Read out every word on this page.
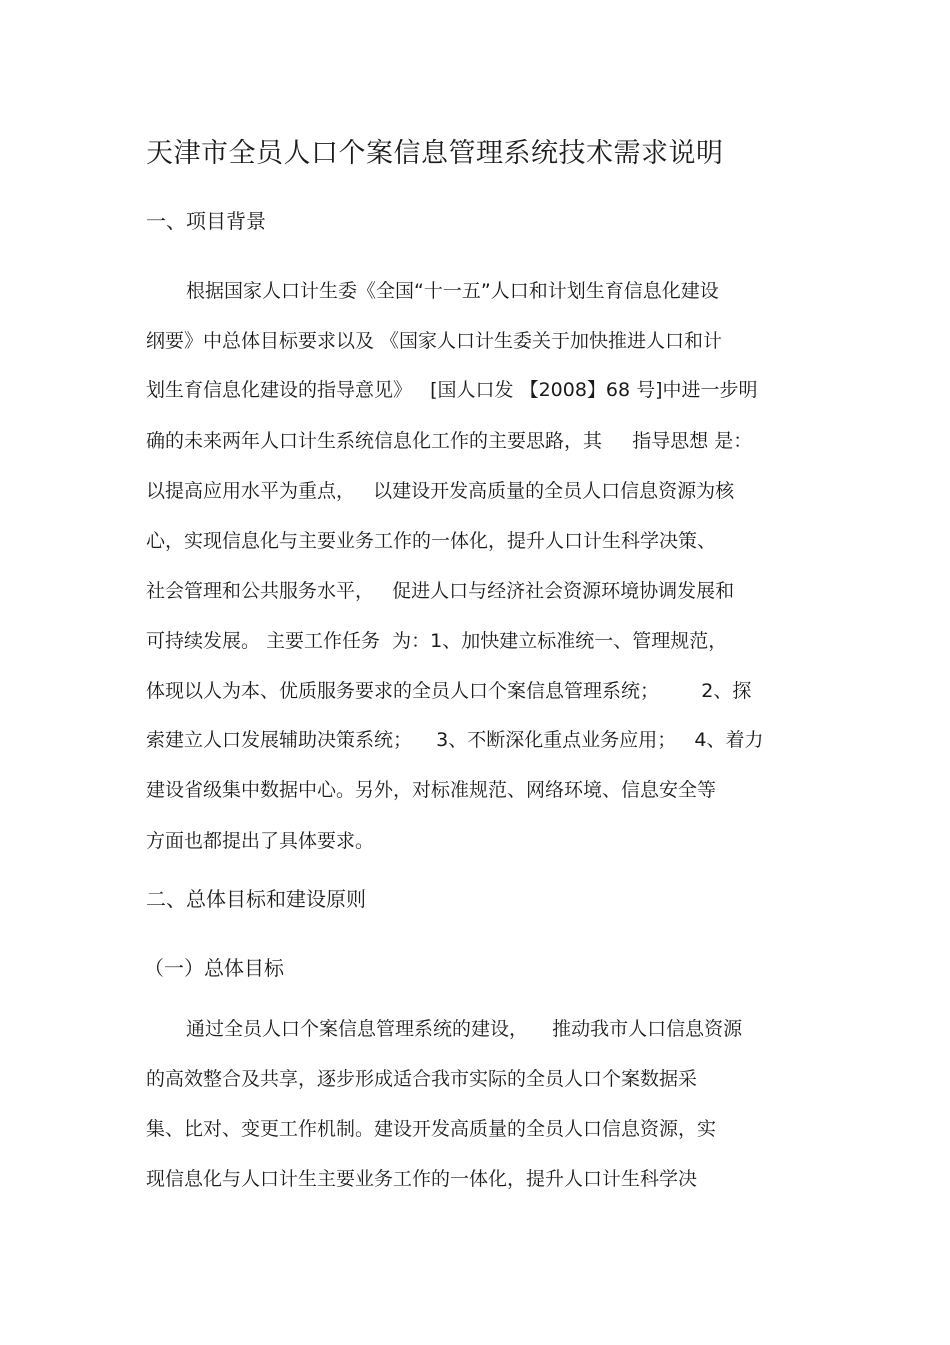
天津市全员人口个案信息管理系统技术需求说明
一、项目背景

根据国家人口计生委《全国“十一五”人口和计划生育信息化建设

纲要》中总体目标要求以及 《国家人口计生委关于加快推进人口和计

划生育信息化建设的指导意见》   [国人口发 【2008】68 号]中进一步明

确的未来两年人口计生系统信息化工作的主要思路，其     指导思想 是：

以提高应用水平为重点，   以建设开发高质量的全员人口信息资源为核

心，实现信息化与主要业务工作的一体化，提升人口计生科学决策、

社会管理和公共服务水平，   促进人口与经济社会资源环境协调发展和

可持续发展。 主要工作任务  为：1、加快建立标准统一、管理规范，

体现以人为本、优质服务要求的全员人口个案信息管理系统；       2、探

索建立人口发展辅助决策系统；    3、不断深化重点业务应用；   4、着力

建设省级集中数据中心。另外，对标准规范、网络环境、信息安全等

方面也都提出了具体要求。

二、总体目标和建设原则
（一）总体目标

通过全员人口个案信息管理系统的建设，    推动我市人口信息资源

的高效整合及共享，逐步形成适合我市实际的全员人口个案数据采

集、比对、变更工作机制。建设开发高质量的全员人口信息资源，实

现信息化与人口计生主要业务工作的一体化，提升人口计生科学决
